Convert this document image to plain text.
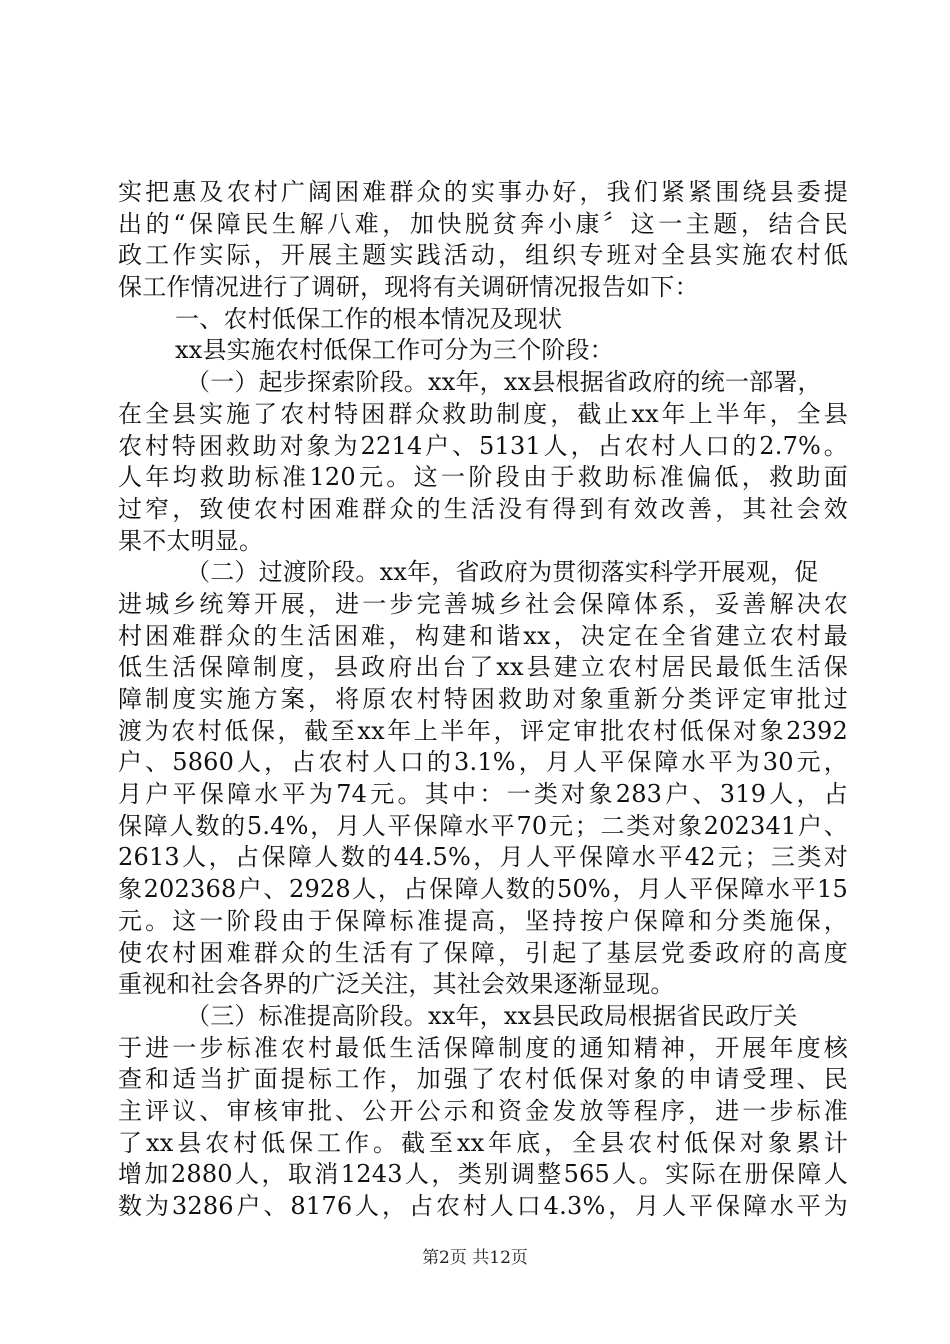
实把惠及农村广阔困难群众的实事办好，我们紧紧围绕县委提
出的“保障民生解八难，加快脱贫奔小康〞这一主题，结合民
政工作实际，开展主题实践活动，组织专班对全县实施农村低
保工作情况进行了调研，现将有关调研情况报告如下：
一、农村低保工作的根本情况及现状
xx县实施农村低保工作可分为三个阶段：
（一）起步探索阶段。xx年，xx县根据省政府的统一部署，
在全县实施了农村特困群众救助制度，截止xx年上半年，全县
农村特困救助对象为2214户、5131人，占农村人口的2.7%。
人年均救助标准120元。这一阶段由于救助标准偏低，救助面
过窄，致使农村困难群众的生活没有得到有效改善，其社会效
果不太明显。
（二）过渡阶段。xx年，省政府为贯彻落实科学开展观，促
进城乡统筹开展，进一步完善城乡社会保障体系，妥善解决农
村困难群众的生活困难，构建和谐xx，决定在全省建立农村最
低生活保障制度，县政府出台了xx县建立农村居民最低生活保
障制度实施方案，将原农村特困救助对象重新分类评定审批过
渡为农村低保，截至xx年上半年，评定审批农村低保对象2392
户、5860人，占农村人口的3.1%，月人平保障水平为30元，
月户平保障水平为74元。其中：一类对象283户、319人，占
保障人数的5.4%，月人平保障水平70元；二类对象202341户、
2613人，占保障人数的44.5%，月人平保障水平42元；三类对
象202368户、2928人，占保障人数的50%，月人平保障水平15
元。这一阶段由于保障标准提高，坚持按户保障和分类施保，
使农村困难群众的生活有了保障，引起了基层党委政府的高度
重视和社会各界的广泛关注，其社会效果逐渐显现。
（三）标准提高阶段。xx年，xx县民政局根据省民政厅关
于进一步标准农村最低生活保障制度的通知精神，开展年度核
查和适当扩面提标工作，加强了农村低保对象的申请受理、民
主评议、审核审批、公开公示和资金发放等程序，进一步标准
了xx县农村低保工作。截至xx年底，全县农村低保对象累计
增加2880人，取消1243人，类别调整565人。实际在册保障人
数为3286户、8176人，占农村人口4.3%，月人平保障水平为
第2页 共12页
